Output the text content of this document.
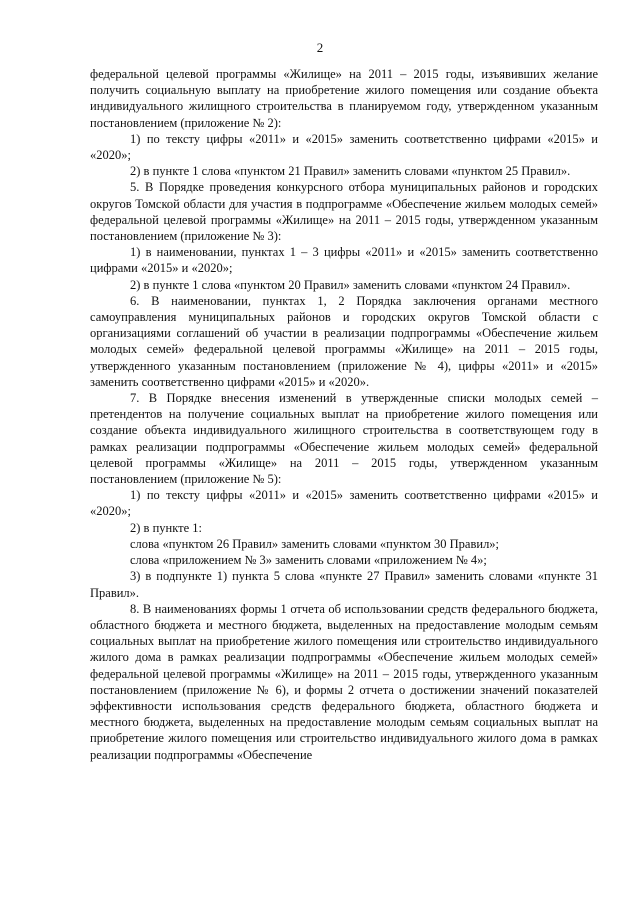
2

федеральной целевой программы «Жилище» на 2011 – 2015 годы, изъявивших желание получить социальную выплату на приобретение жилого помещения или создание объекта индивидуального жилищного строительства в планируемом году, утвержденном указанным постановлением (приложение № 2):

1) по тексту цифры «2011» и «2015» заменить соответственно цифрами «2015» и «2020»;

2) в пункте 1 слова «пунктом 21 Правил» заменить словами «пунктом 25 Правил».

5. В Порядке проведения конкурсного отбора муниципальных районов и городских округов Томской области для участия в подпрограмме «Обеспечение жильем молодых семей» федеральной целевой программы «Жилище» на 2011 – 2015 годы, утвержденном указанным постановлением (приложение № 3):

1) в наименовании, пунктах 1 – 3 цифры «2011» и «2015» заменить соответственно цифрами «2015» и «2020»;

2) в пункте 1 слова «пунктом 20 Правил» заменить словами «пунктом 24 Правил».

6. В наименовании, пунктах 1, 2 Порядка заключения органами местного самоуправления муниципальных районов и городских округов Томской области с организациями соглашений об участии в реализации подпрограммы «Обеспечение жильем молодых семей» федеральной целевой программы «Жилище» на 2011 – 2015 годы, утвержденного указанным постановлением (приложение № 4), цифры «2011» и «2015» заменить соответственно цифрами «2015» и «2020».

7. В Порядке внесения изменений в утвержденные списки молодых семей – претендентов на получение социальных выплат на приобретение жилого помещения или создание объекта индивидуального жилищного строительства в соответствующем году в рамках реализации подпрограммы «Обеспечение жильем молодых семей» федеральной целевой программы «Жилище» на 2011 – 2015 годы, утвержденном указанным постановлением (приложение № 5):

1) по тексту цифры «2011» и «2015» заменить соответственно цифрами «2015» и «2020»;

2) в пункте 1:

слова «пунктом 26 Правил» заменить словами «пунктом 30 Правил»;

слова «приложением № 3» заменить словами «приложением № 4»;

3) в подпункте 1) пункта 5 слова «пункте 27 Правил» заменить словами «пункте 31 Правил».

8. В наименованиях формы 1 отчета об использовании средств федерального бюджета, областного бюджета и местного бюджета, выделенных на предоставление молодым семьям социальных выплат на приобретение жилого помещения или строительство индивидуального жилого дома в рамках реализации подпрограммы «Обеспечение жильем молодых семей» федеральной целевой программы «Жилище» на 2011 – 2015 годы, утвержденного указанным постановлением (приложение № 6), и формы 2 отчета о достижении значений показателей эффективности использования средств федерального бюджета, областного бюджета и местного бюджета, выделенных на предоставление молодым семьям социальных выплат на приобретение жилого помещения или строительство индивидуального жилого дома в рамках реализации подпрограммы «Обеспечение
